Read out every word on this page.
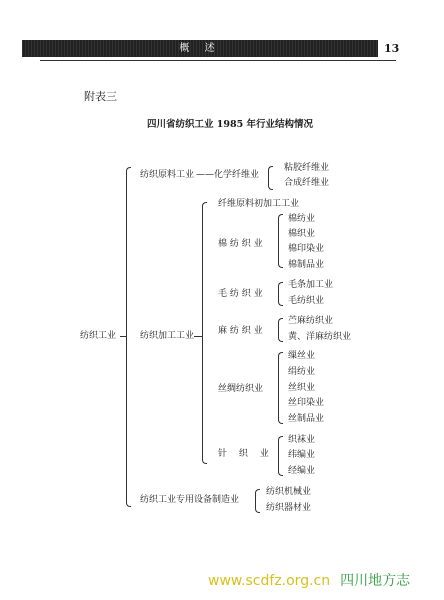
概 述	13
附表三
四川省纺织工业 1985 年行业结构情况
纺织工业
纺织原料工业 —— 化学纤维业
粘胶纤维业
合成纤维业
纺织加工工业
纤维原料初加工工业
棉 纺 织 业
棉纺业
棉织业
棉印染业
棉制品业
毛 纺 织 业
毛条加工业
毛纺织业
麻 纺 织 业
苎麻纺织业
黄、洋麻纺织业
丝绸纺织业
缫丝业
绢纺业
丝织业
丝印染业
丝制品业
针　 织　 业
织袜业
纬编业
经编业
纺织工业专用设备制造业
纺织机械业
纺织器材业
www.scdfz.org.cn 四川地方志
